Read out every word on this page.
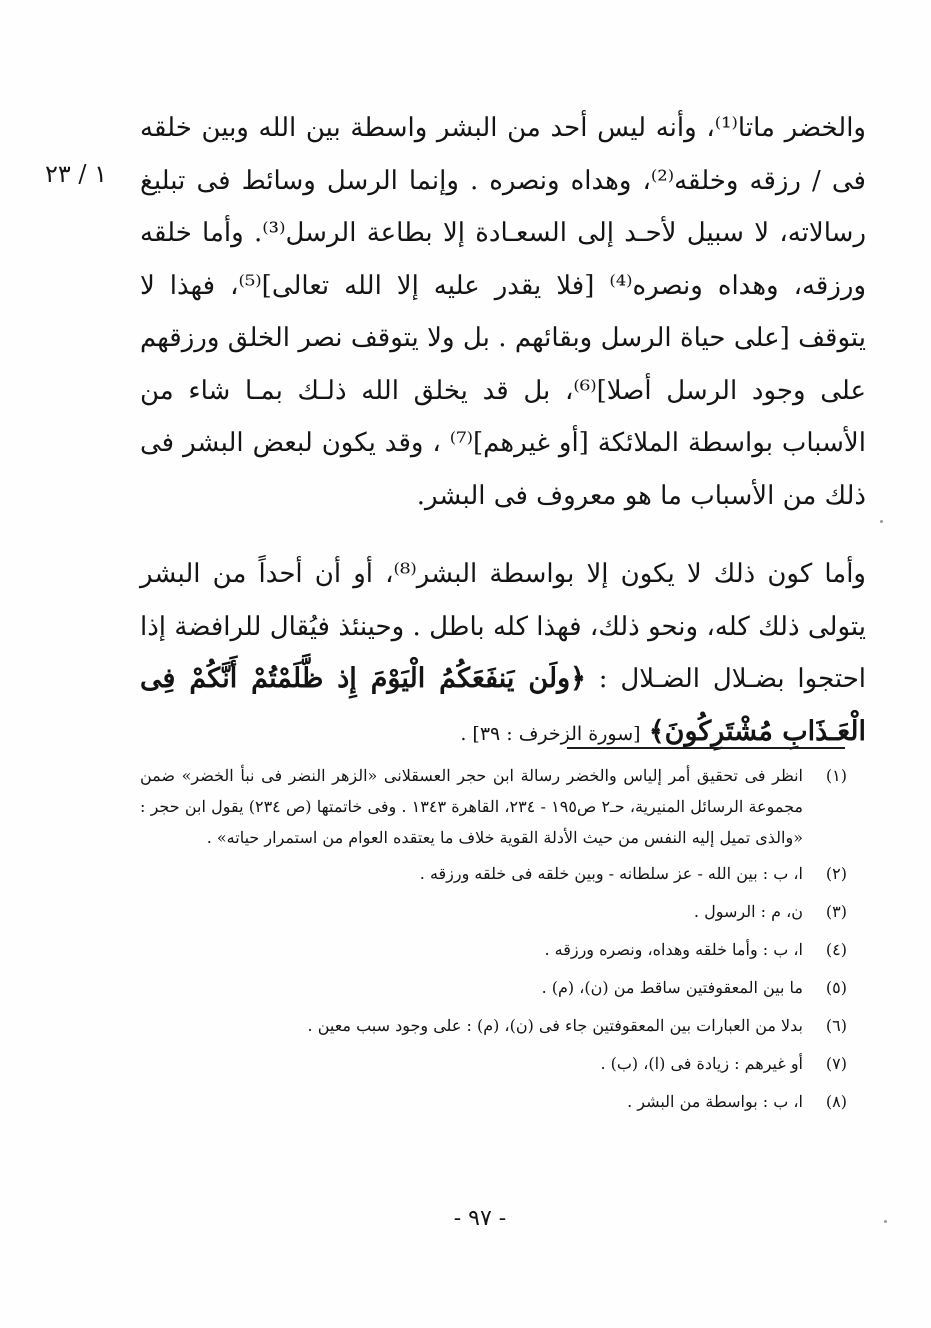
١ / ٢٣

والخضر ماتا⁽¹⁾، وأنه ليس أحد من البشر واسطة بين الله وبين خلقه فى / رزقه وخلقه⁽²⁾، وهداه ونصره . وإنما الرسل وسائط فى تبليغ رسالاته، لا سبيل لأحـد إلى السعـادة إلا بطاعة الرسل⁽³⁾. وأما خلقه ورزقه، وهداه ونصره⁽⁴⁾ [فلا يقدر عليه إلا الله تعالى]⁽⁵⁾، فهذا لا يتوقف [على حياة الرسل وبقائهم . بل ولا يتوقف نصر الخلق ورزقهم على وجود الرسل أصلا]⁽⁶⁾، بل قد يخلق الله ذلـك بمـا شاء من الأسباب بواسطة الملائكة [أو غيرهم]⁽⁷⁾ ، وقد يكون لبعض البشر فى ذلك من الأسباب ما هو معروف فى البشر.

وأما كون ذلك لا يكون إلا بواسطة البشر⁽⁸⁾، أو أن أحداً من البشر يتولى ذلك كله، ونحو ذلك، فهذا كله باطل . وحينئذ فيُقال للرافضة إذا احتجوا بضـلال الضـلال : ﴿ولَن يَنفَعَكُمُ الْيَوْمَ إِذ ظَّلَمْتُمْ أَنَّكُمْ فِى الْعَـذَابِ مُشْتَرِكُونَ﴾ [سورة الزخرف : ٣٩] .

(١)
انظر فى تحقيق أمر إلياس والخضر رسالة ابن حجر العسقلانى «الزهر النضر فى نبأ الخضر» ضمن مجموعة الرسائل المنيرية، حـ٢ ص١٩٥ - ٢٣٤، القاهرة ١٣٤٣ . وفى خاتمتها (ص ٢٣٤) يقول ابن حجر : «والذى تميل إليه النفس من حيث الأدلة القوية خلاف ما يعتقده العوام من استمرار حياته» .
(٢)
ا، ب : بين الله - عز سلطانه - وبين خلقه فى خلقه ورزقه .
(٣)
ن، م : الرسول .
(٤)
ا، ب : وأما خلقه وهداه، ونصره ورزقه .
(٥)
ما بين المعقوفتين ساقط من (ن)، (م) .
(٦)
بدلا من العبارات بين المعقوفتين جاء فى (ن)، (م) : على وجود سبب معين .
(٧)
أو غيرهم : زيادة فى (ا)، (ب) .
(٨)
ا، ب : بواسطة من البشر .
- ٩٧ -
